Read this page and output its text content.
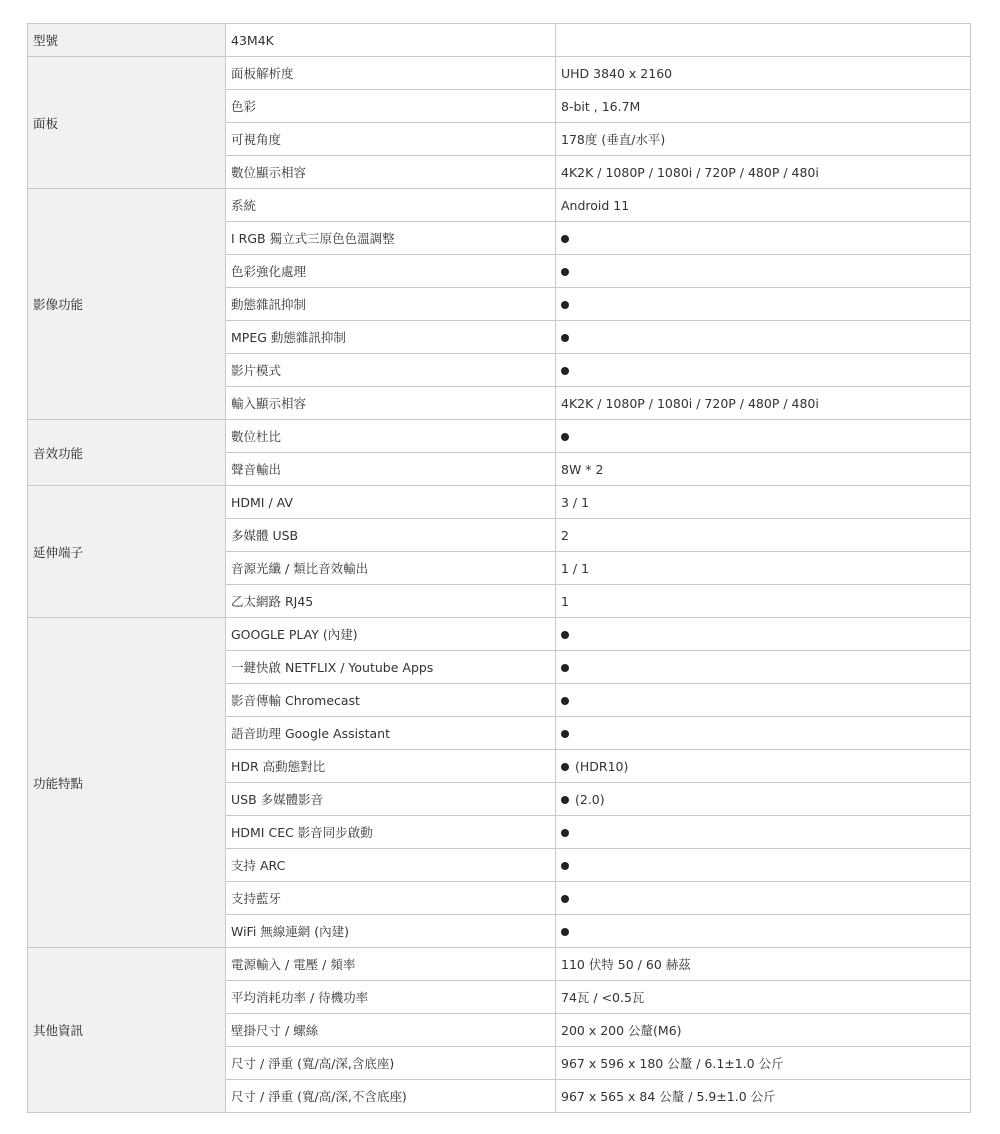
型號	43M4K	
面板	面板解析度	UHD 3840 x 2160
	色彩	8-bit , 16.7M
	可視角度	178度 (垂直/水平)
	數位顯示相容	4K2K / 1080P / 1080i / 720P / 480P / 480i
影像功能	系統	Android 11
	I RGB 獨立式三原色色溫調整	
	色彩強化處理	
	動態雜訊抑制	
	MPEG 動態雜訊抑制	
	影片模式	
	輸入顯示相容	4K2K / 1080P / 1080i / 720P / 480P / 480i
音效功能	數位杜比	
	聲音輸出	8W * 2
延伸端子	HDMI / AV	3 / 1
	多媒體 USB	2
	音源光纖 / 類比音效輸出	1 / 1
	乙太網路 RJ45	1
功能特點	GOOGLE PLAY (內建)	
	一鍵快啟 NETFLIX / Youtube Apps	
	影音傳輸 Chromecast	
	語音助理 Google Assistant	
	HDR 高動態對比	(HDR10)
	USB 多媒體影音	(2.0)
	HDMI CEC 影音同步啟動	
	支持 ARC	
	支持藍牙	
	WiFi 無線連網 (內建)	
其他資訊	電源輸入 / 電壓 / 頻率	110 伏特 50 / 60 赫茲
	平均消耗功率 / 待機功率	74瓦 / <0.5瓦
	壁掛尺寸 / 螺絲	200 x 200 公釐(M6)
	尺寸 / 淨重 (寬/高/深,含底座)	967 x 596 x 180 公釐 / 6.1±1.0 公斤
	尺寸 / 淨重 (寬/高/深,不含底座)	967 x 565 x 84 公釐 / 5.9±1.0 公斤
